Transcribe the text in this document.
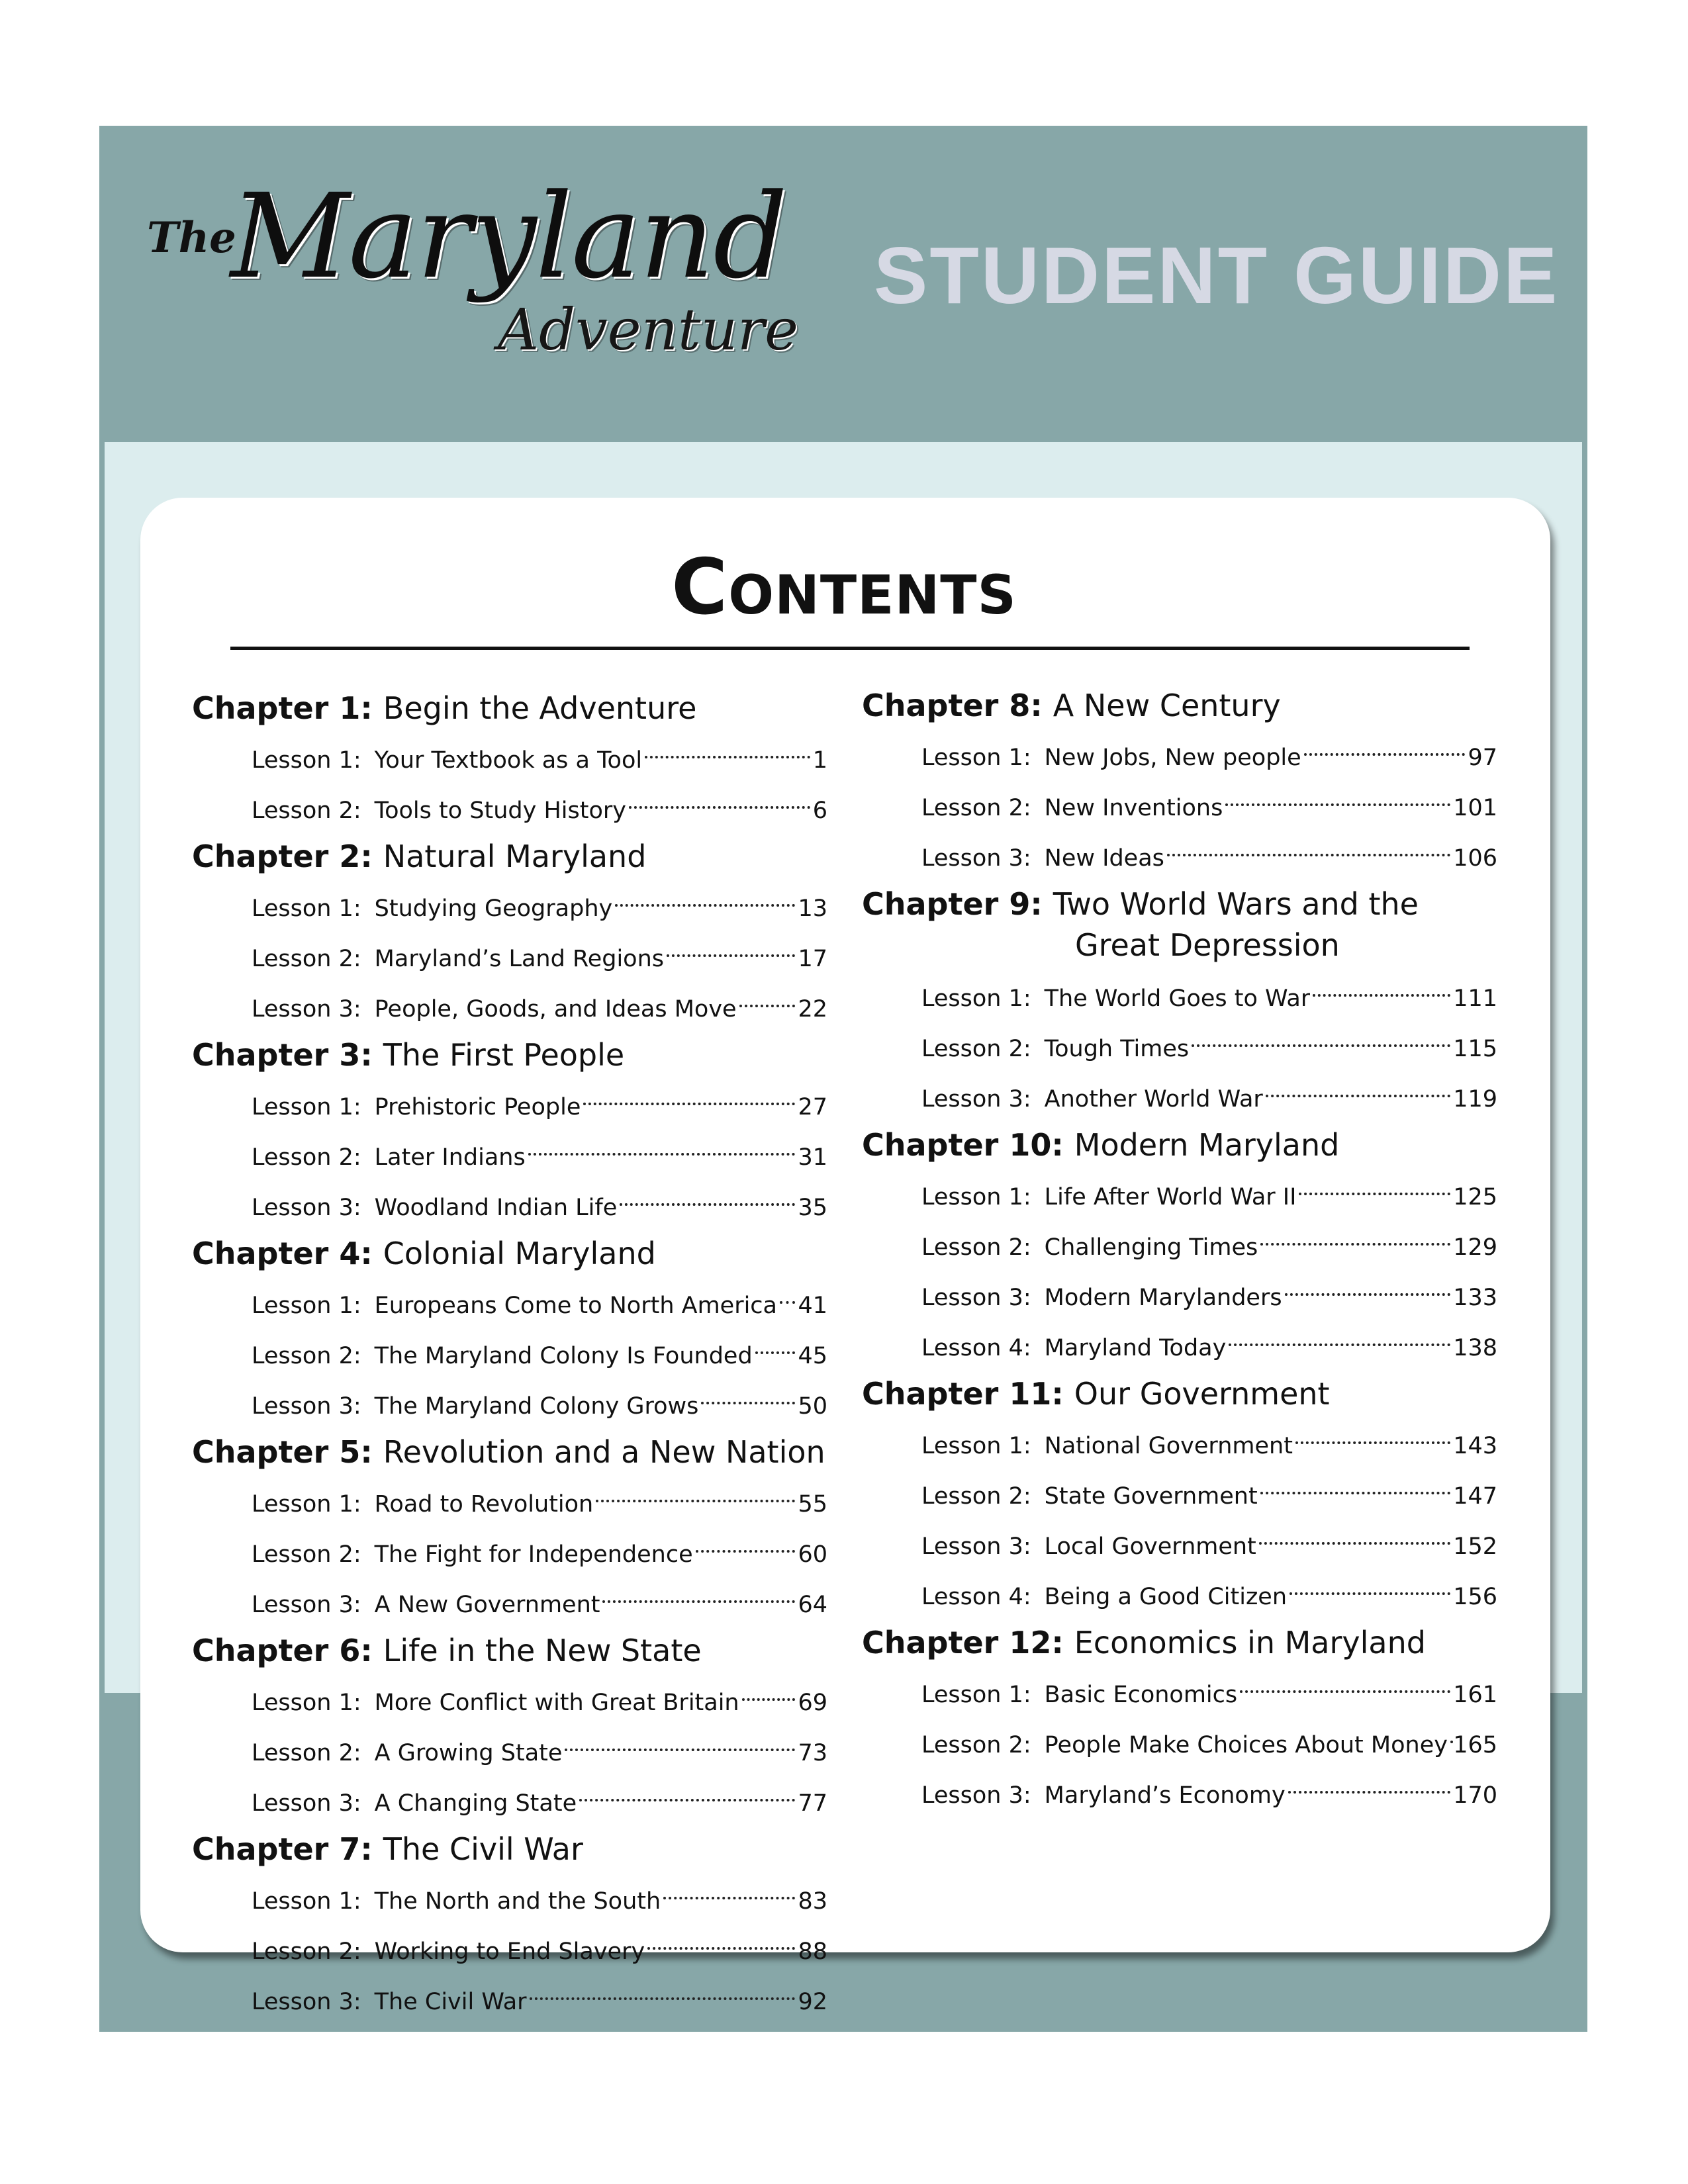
The
Maryland
Adventure
STUDENT GUIDE
Contents
Chapter 1: Begin the Adventure
Lesson 1: Your Textbook as a Tool	1
Lesson 2: Tools to Study History	6
Chapter 2: Natural Maryland
Lesson 1: Studying Geography	13
Lesson 2: Maryland’s Land Regions	17
Lesson 3: People, Goods, and Ideas Move	22
Chapter 3: The First People
Lesson 1: Prehistoric People	27
Lesson 2: Later Indians	31
Lesson 3: Woodland Indian Life	35
Chapter 4: Colonial Maryland
Lesson 1: Europeans Come to North America 41
Lesson 2: The Maryland Colony Is Founded 45
Lesson 3: The Maryland Colony Grows	50
Chapter 5: Revolution and a New Nation
Lesson 1: Road to Revolution	55
Lesson 2: The Fight for Independence	60
Lesson 3: A New Government	64
Chapter 6: Life in the New State
Lesson 1: More Conflict with Great Britain	69
Lesson 2: A Growing State	73
Lesson 3: A Changing State	77
Chapter 7: The Civil War
Lesson 1: The North and the South	83
Lesson 2: Working to End Slavery	88
Lesson 3: The Civil War	92
Chapter 8: A New Century
Lesson 1: New Jobs, New people	97
Lesson 2: New Inventions	101
Lesson 3: New Ideas	106
Chapter 9: Two World Wars and the
Great Depression
Lesson 1: The World Goes to War	111
Lesson 2: Tough Times	115
Lesson 3: Another World War	119
Chapter 10: Modern Maryland
Lesson 1: Life After World War II	125
Lesson 2: Challenging Times	129
Lesson 3: Modern Marylanders	133
Lesson 4: Maryland Today	138
Chapter 11: Our Government
Lesson 1: National Government	143
Lesson 2: State Government	147
Lesson 3: Local Government	152
Lesson 4: Being a Good Citizen	156
Chapter 12: Economics in Maryland
Lesson 1: Basic Economics	161
Lesson 2: People Make Choices About Money 165
Lesson 3: Maryland’s Economy	170
